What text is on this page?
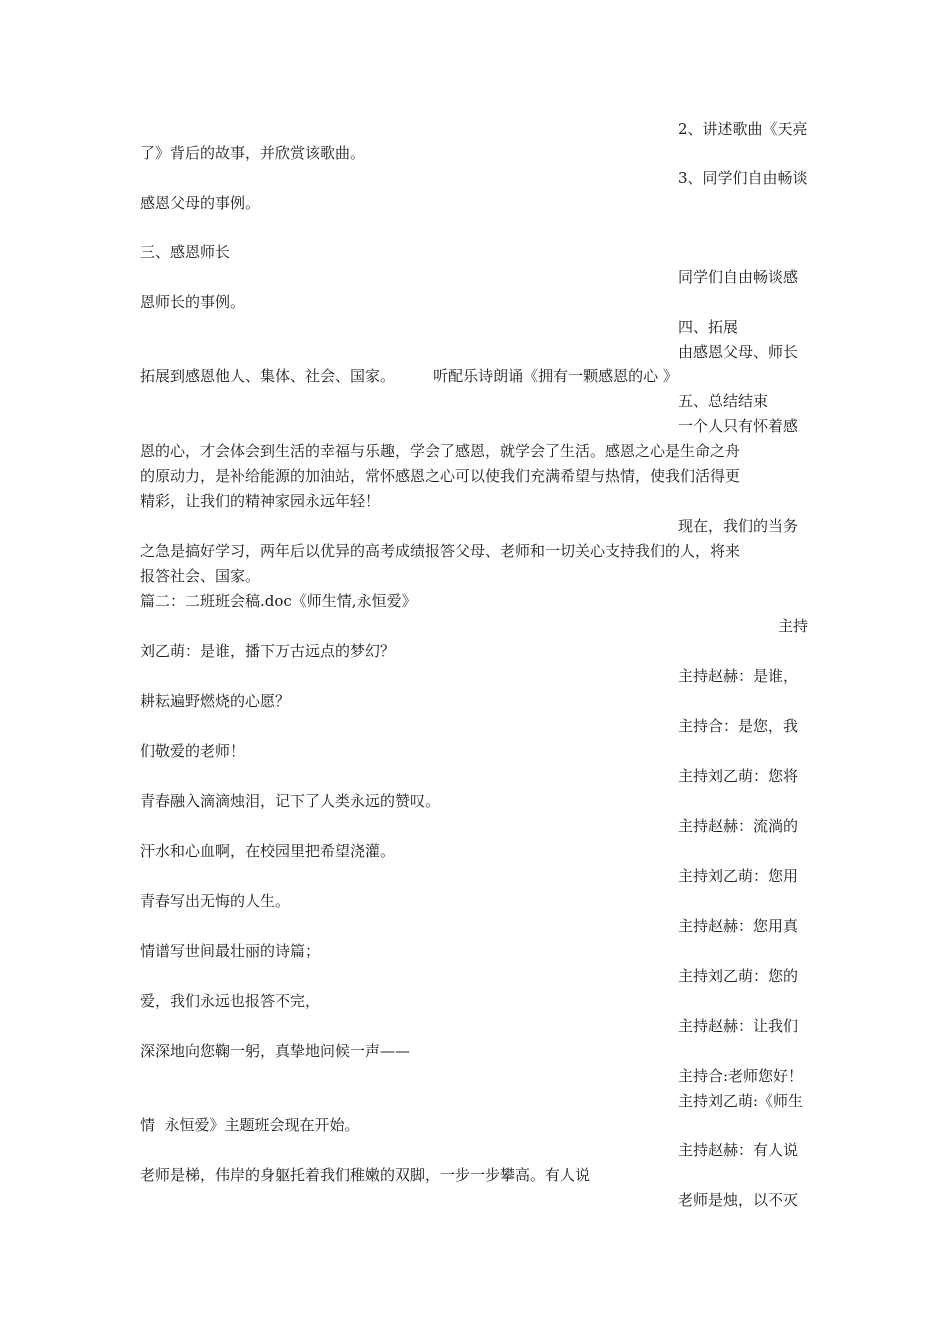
2、讲述歌曲《天亮
了》背后的故事，并欣赏该歌曲。
3、同学们自由畅谈
感恩父母的事例。
三、感恩师长
同学们自由畅谈感
恩师长的事例。
四、拓展
由感恩父母、师长
拓展到感恩他人、集体、社会、国家。        听配乐诗朗诵《拥有一颗感恩的心 》
五、总结结束
一个人只有怀着感
恩的心，才会体会到生活的幸福与乐趣，学会了感恩，就学会了生活。感恩之心是生命之舟
的原动力，是补给能源的加油站，常怀感恩之心可以使我们充满希望与热情，使我们活得更
精彩，让我们的精神家园永远年轻！
现在，我们的当务
之急是搞好学习，两年后以优异的高考成绩报答父母、老师和一切关心支持我们的人，将来
报答社会、国家。
篇二：二班班会稿.doc《师生情,永恒爱》
主持
刘乙萌：是谁，播下万古远点的梦幻？
主持赵赫：是谁，
耕耘遍野燃烧的心愿？
主持合：是您，我
们敬爱的老师！
主持刘乙萌：您将
青春融入滴滴烛泪，记下了人类永远的赞叹。
主持赵赫：流淌的
汗水和心血啊，在校园里把希望浇灌。
主持刘乙萌：您用
青春写出无悔的人生。
主持赵赫：您用真
情谱写世间最壮丽的诗篇；
主持刘乙萌：您的
爱，我们永远也报答不完，
主持赵赫：让我们
深深地向您鞠一躬，真挚地问候一声——
主持合:老师您好！
主持刘乙萌:《师生
情  永恒爱》主题班会现在开始。
主持赵赫：有人说
老师是梯，伟岸的身躯托着我们稚嫩的双脚，一步一步攀高。有人说
老师是烛，以不灭
